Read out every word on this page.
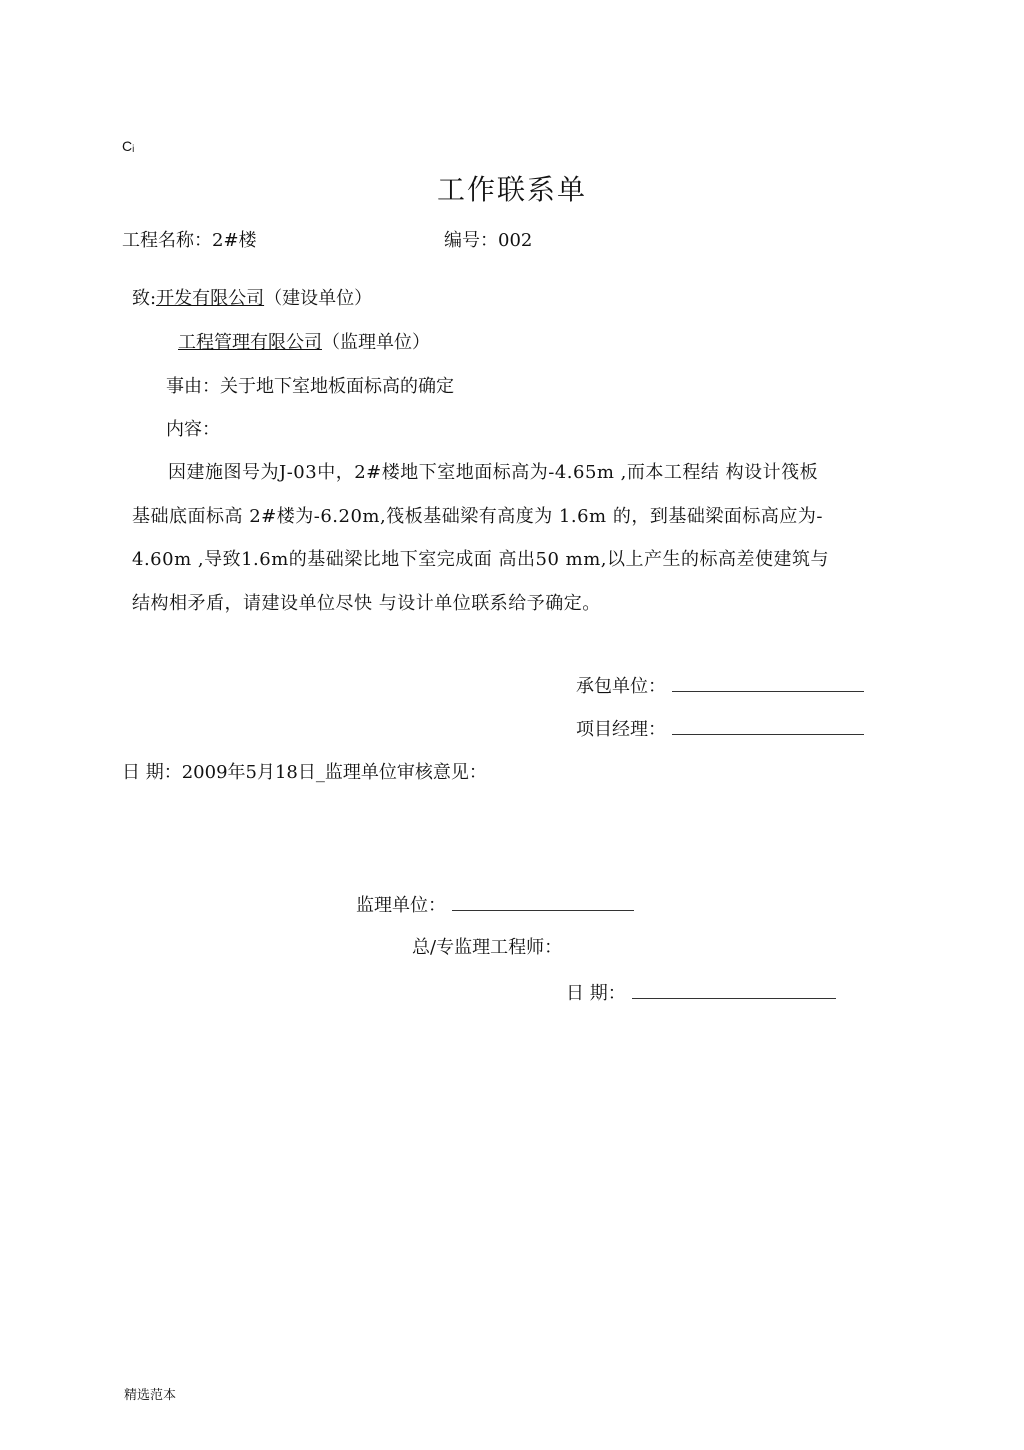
Cᵢ
工作联系单
工程名称：2#楼	编号：002
致:开发有限公司（建设单位）
工程管理有限公司（监理单位）
事由：关于地下室地板面标高的确定
内容：
因建施图号为J-03中，2#楼地下室地面标高为-4.65m ,而本工程结 构设计筏板
基础底面标高 2#楼为-6.20m,筏板基础梁有高度为 1.6m 的，到基础梁面标高应为-
4.60m ,导致1.6m的基础梁比地下室完成面 高出50 mm,以上产生的标高差使建筑与
结构相矛盾，请建设单位尽快 与设计单位联系给予确定。
承包单位：
项目经理：
日 期：2009年5月18日_监理单位审核意见：
监理单位：
总/专监理工程师：
日 期：
精选范本
